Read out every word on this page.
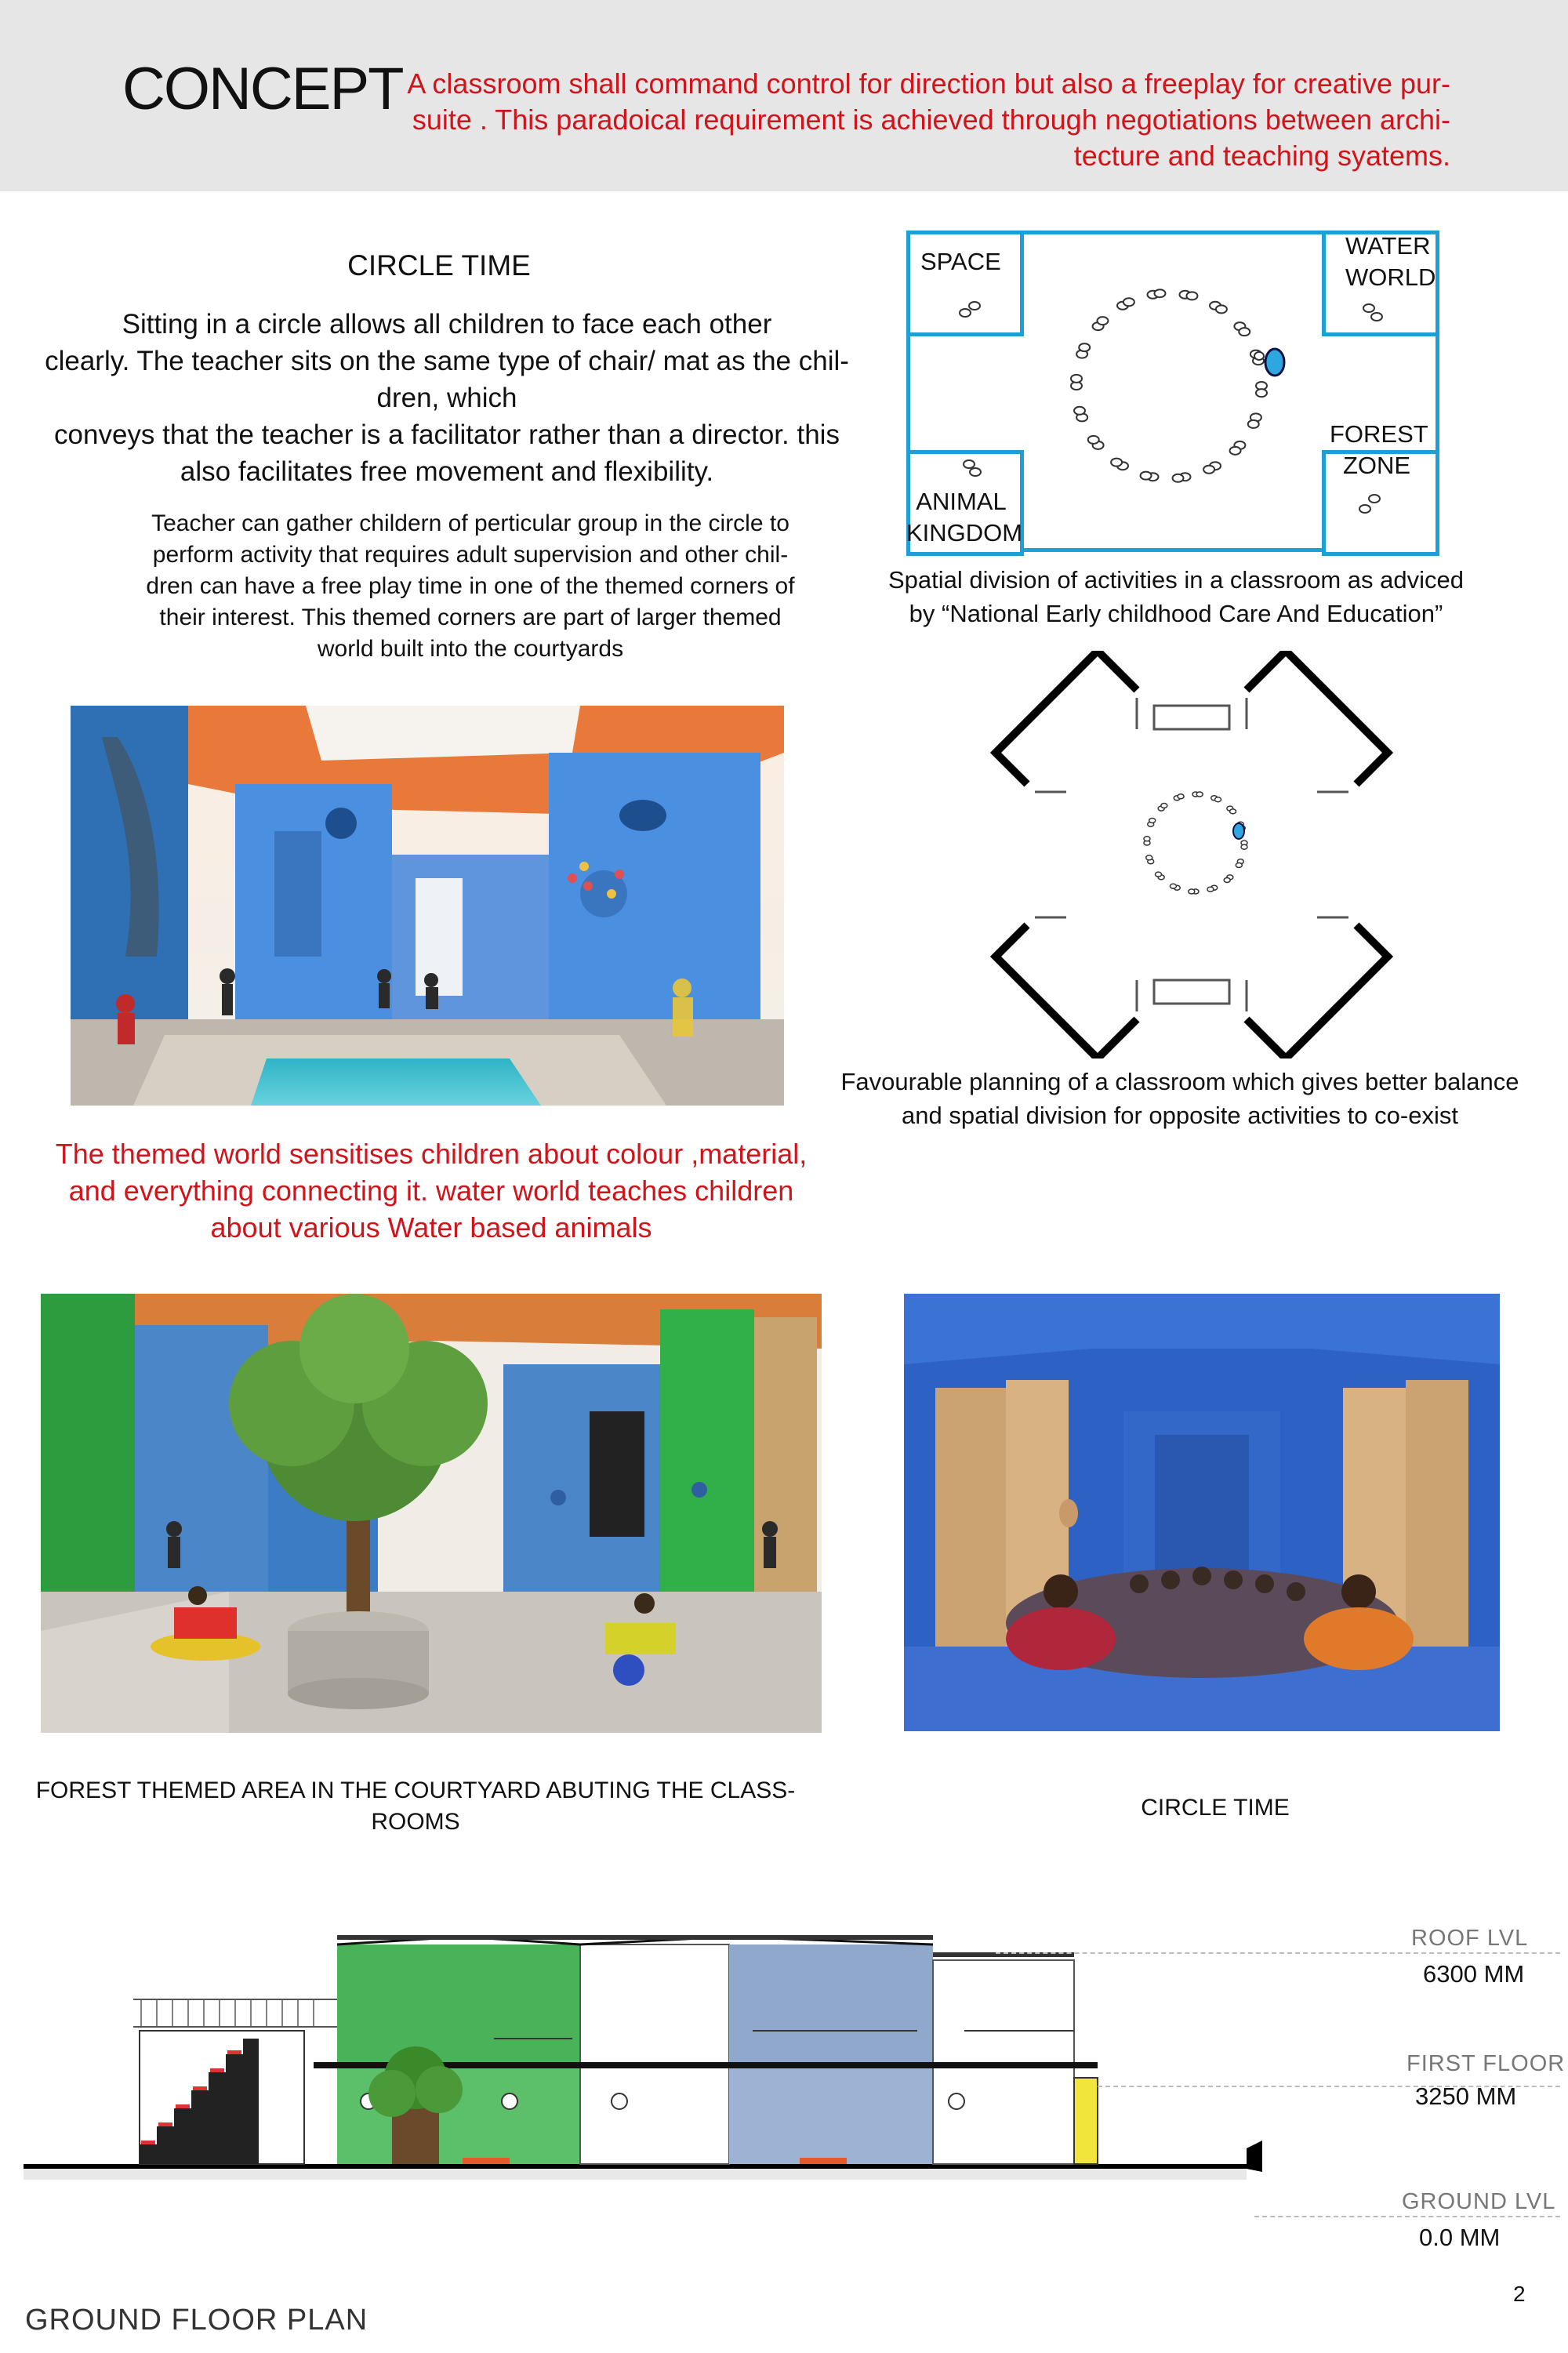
CONCEPT A classroom shall command control for direction but also a freeplay for creative pur-
suite . This paradoical requirement is achieved through negotiations between archi-
tecture and teaching syatems.
CIRCLE TIME
Sitting in a circle allows all children to face each other
clearly. The teacher sits on the same type of chair/ mat as the chil-
dren, which
conveys that the teacher is a facilitator rather than a director. this
also facilitates free movement and flexibility.
Teacher can gather childern of perticular group in the circle to
perform activity that requires adult supervision and other chil-
dren can have a free play time in one of the themed corners of
their interest. This themed corners are part of larger themed
world built into the courtyards
SPACE
WATER
WORLD
FOREST
ZONE
ANIMAL
KINGDOM
Spatial division of activities in a classroom as adviced
by “National Early childhood Care And Education”
Favourable planning of a classroom which gives better balance
and spatial division for opposite activities to co-exist
The themed world sensitises children about colour ,material,
and everything connecting it. water world teaches children
about various Water based animals
FOREST THEMED AREA IN THE COURTYARD ABUTING THE CLASS-
ROOMS
CIRCLE TIME
ROOF LVL
6300 MM
FIRST FLOOR
3250 MM
GROUND LVL
0.0 MM
2
GROUND FLOOR PLAN
